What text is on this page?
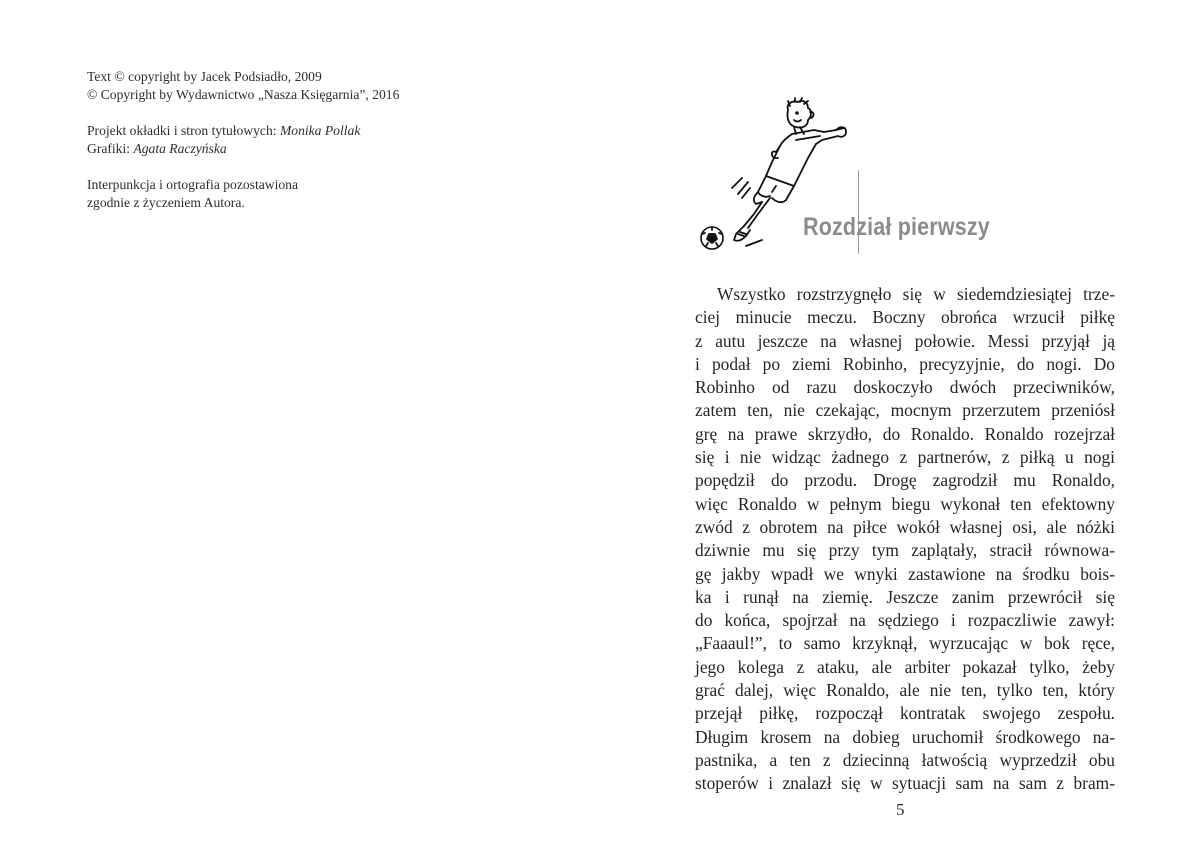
Text © copyright by Jacek Podsiadło, 2009
© Copyright by Wydawnictwo „Nasza Księgarnia”, 2016

Projekt okładki i stron tytułowych: Monika Pollak
Grafiki: Agata Raczyńska

Interpunkcja i ortografia pozostawiona
zgodnie z życzeniem Autora.

Rozdział pierwszy
Wszystko rozstrzygnęło się w siedemdziesiątej trze-
ciej minucie meczu. Boczny obrońca wrzucił piłkę
z autu jeszcze na własnej połowie. Messi przyjął ją
i podał po ziemi Robinho, precyzyjnie, do nogi. Do
Robinho od razu doskoczyło dwóch przeciwników,
zatem ten, nie czekając, mocnym przerzutem przeniósł
grę na prawe skrzydło, do Ronaldo. Ronaldo rozejrzał
się i nie widząc żadnego z partnerów, z piłką u nogi
popędził do przodu. Drogę zagrodził mu Ronaldo,
więc Ronaldo w pełnym biegu wykonał ten efektowny
zwód z obrotem na piłce wokół własnej osi, ale nóżki
dziwnie mu się przy tym zaplątały, stracił równowa-
gę jakby wpadł we wnyki zastawione na środku bois-
ka i runął na ziemię. Jeszcze zanim przewrócił się
do końca, spojrzał na sędziego i rozpaczliwie zawył:
„Faaaul!”, to samo krzyknął, wyrzucając w bok ręce,
jego kolega z ataku, ale arbiter pokazał tylko, żeby
grać dalej, więc Ronaldo, ale nie ten, tylko ten, który
przejął piłkę, rozpoczął kontratak swojego zespołu.
Długim krosem na dobieg uruchomił środkowego na-
pastnika, a ten z dziecinną łatwością wyprzedził obu
stoperów i znalazł się w sytuacji sam na sam z bram-
5
